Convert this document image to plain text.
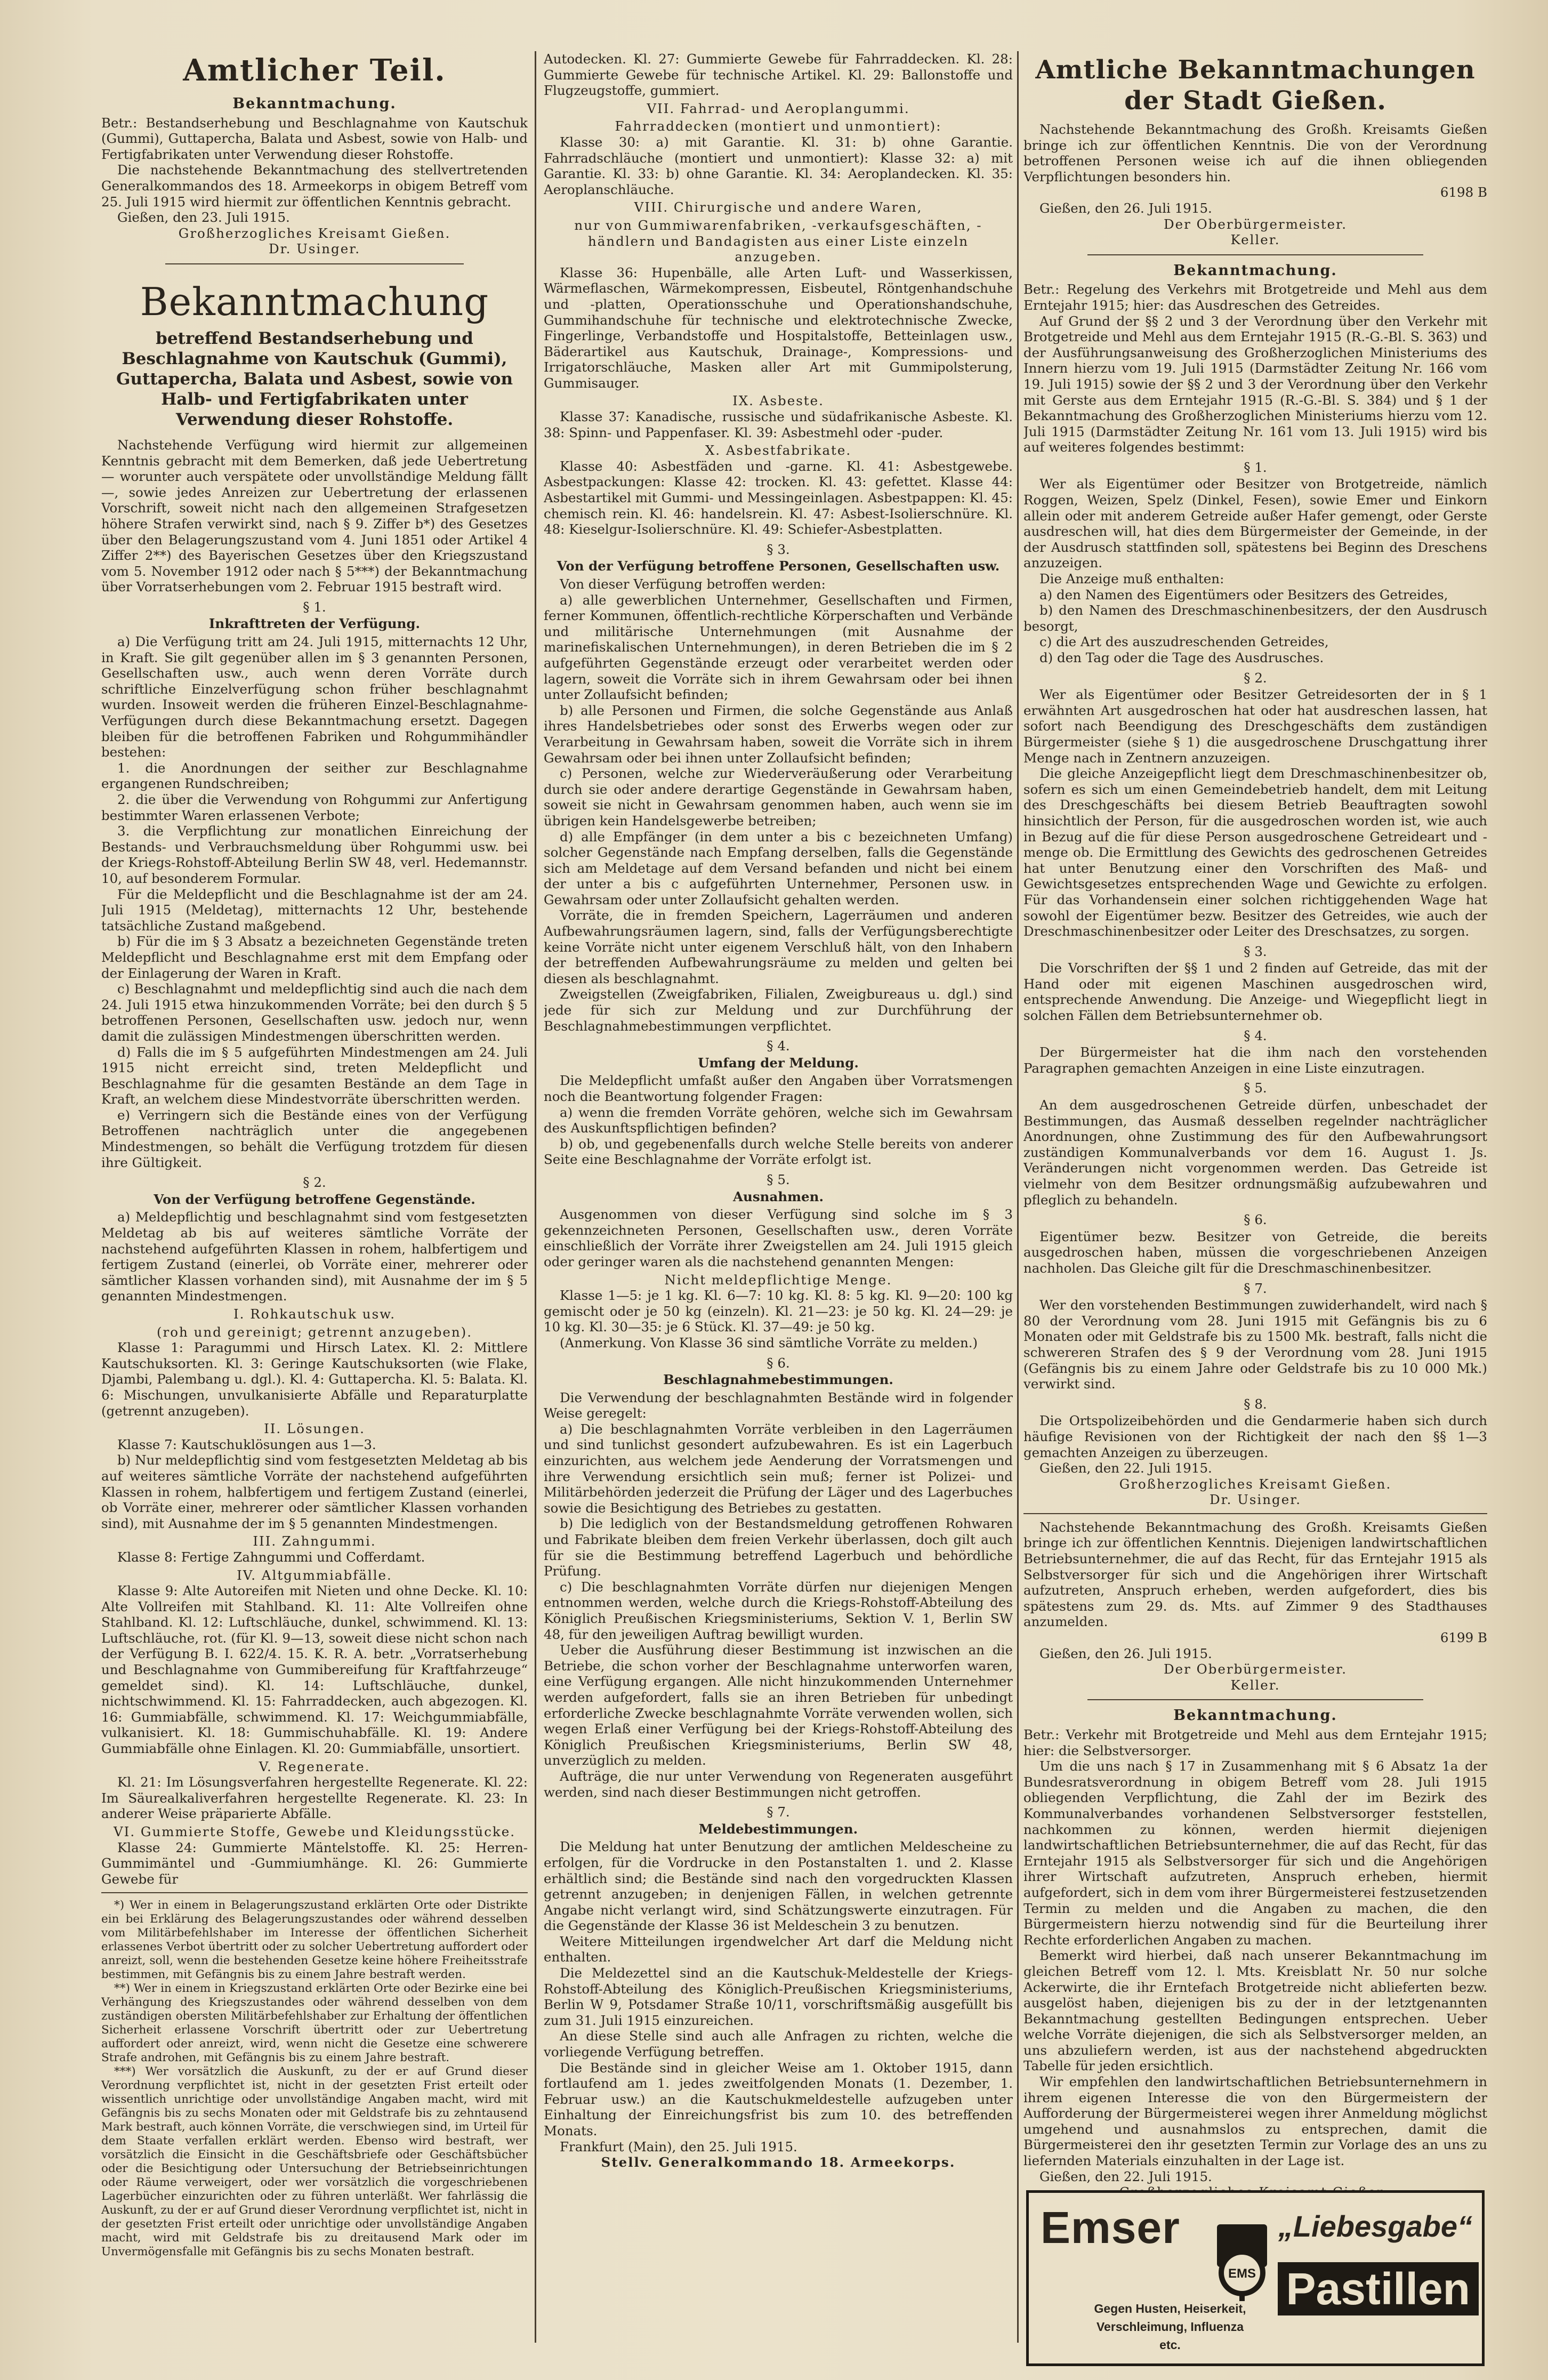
Amtlicher Teil.
Bekanntmachung.

Betr.: Bestandserhebung und Beschlagnahme von Kautschuk (Gummi), Guttapercha, Balata und Asbest, sowie von Halb- und Fertigfabrikaten unter Verwendung dieser Rohstoffe.

Die nachstehende Bekanntmachung des stellvertretenden Generalkommandos des 18. Armeekorps in obigem Betreff vom 25. Juli 1915 wird hiermit zur öffentlichen Kenntnis gebracht.

Gießen, den 23. Juli 1915.

Großherzogliches Kreisamt Gießen.
Dr. Usinger.
Bekanntmachung
betreffend Bestandserhebung und Beschlagnahme von Kautschuk (Gummi), Guttapercha, Balata und Asbest, sowie von Halb- und Fertigfabrikaten unter Verwendung dieser Rohstoffe.

Nachstehende Verfügung wird hiermit zur allgemeinen Kenntnis gebracht mit dem Bemerken, daß jede Uebertretung — worunter auch verspätete oder unvollständige Meldung fällt —, sowie jedes Anreizen zur Uebertretung der erlassenen Vorschrift, soweit nicht nach den allgemeinen Strafgesetzen höhere Strafen verwirkt sind, nach § 9. Ziffer b*) des Gesetzes über den Belagerungszustand vom 4. Juni 1851 oder Artikel 4 Ziffer 2**) des Bayerischen Gesetzes über den Kriegszustand vom 5. November 1912 oder nach § 5***) der Bekanntmachung über Vorratserhebungen vom 2. Februar 1915 bestraft wird.

§ 1.
Inkrafttreten der Verfügung.

a) Die Verfügung tritt am 24. Juli 1915, mitternachts 12 Uhr, in Kraft. Sie gilt gegenüber allen im § 3 genannten Personen, Gesellschaften usw., auch wenn deren Vorräte durch schriftliche Einzelverfügung schon früher beschlagnahmt wurden. Insoweit werden die früheren Einzel-Beschlagnahme-Verfügungen durch diese Bekanntmachung ersetzt. Dagegen bleiben für die betroffenen Fabriken und Rohgummihändler bestehen:

1. die Anordnungen der seither zur Beschlagnahme ergangenen Rundschreiben;

2. die über die Verwendung von Rohgummi zur Anfertigung bestimmter Waren erlassenen Verbote;

3. die Verpflichtung zur monatlichen Einreichung der Bestands- und Verbrauchsmeldung über Rohgummi usw. bei der Kriegs-Rohstoff-Abteilung Berlin SW 48, verl. Hedemannstr. 10, auf besonderem Formular.

Für die Meldepflicht und die Beschlagnahme ist der am 24. Juli 1915 (Meldetag), mitternachts 12 Uhr, bestehende tatsächliche Zustand maßgebend.

b) Für die im § 3 Absatz a bezeichneten Gegenstände treten Meldepflicht und Beschlagnahme erst mit dem Empfang oder der Einlagerung der Waren in Kraft.

c) Beschlagnahmt und meldepflichtig sind auch die nach dem 24. Juli 1915 etwa hinzukommenden Vorräte; bei den durch § 5 betroffenen Personen, Gesellschaften usw. jedoch nur, wenn damit die zulässigen Mindestmengen überschritten werden.

d) Falls die im § 5 aufgeführten Mindestmengen am 24. Juli 1915 nicht erreicht sind, treten Meldepflicht und Beschlagnahme für die gesamten Bestände an dem Tage in Kraft, an welchem diese Mindestvorräte überschritten werden.

e) Verringern sich die Bestände eines von der Verfügung Betroffenen nachträglich unter die angegebenen Mindestmengen, so behält die Verfügung trotzdem für diesen ihre Gültigkeit.

§ 2.
Von der Verfügung betroffene Gegenstände.

a) Meldepflichtig und beschlagnahmt sind vom festgesetzten Meldetag ab bis auf weiteres sämtliche Vorräte der nachstehend aufgeführten Klassen in rohem, halbfertigem und fertigem Zustand (einerlei, ob Vorräte einer, mehrerer oder sämtlicher Klassen vorhanden sind), mit Ausnahme der im § 5 genannten Mindestmengen.

I. Rohkautschuk usw.
(roh und gereinigt; getrennt anzugeben).

Klasse 1: Paragummi und Hirsch Latex. Kl. 2: Mittlere Kautschuksorten. Kl. 3: Geringe Kautschuksorten (wie Flake, Djambi, Palembang u. dgl.). Kl. 4: Guttapercha. Kl. 5: Balata. Kl. 6: Mischungen, unvulkanisierte Abfälle und Reparaturplatte (getrennt anzugeben).

II. Lösungen.

Klasse 7: Kautschuklösungen aus 1—3.

b) Nur meldepflichtig sind vom festgesetzten Meldetag ab bis auf weiteres sämtliche Vorräte der nachstehend aufgeführten Klassen in rohem, halbfertigem und fertigem Zustand (einerlei, ob Vorräte einer, mehrerer oder sämtlicher Klassen vorhanden sind), mit Ausnahme der im § 5 genannten Mindestmengen.

III. Zahngummi.

Klasse 8: Fertige Zahngummi und Cofferdamt.

IV. Altgummiabfälle.

Klasse 9: Alte Autoreifen mit Nieten und ohne Decke. Kl. 10: Alte Vollreifen mit Stahlband. Kl. 11: Alte Vollreifen ohne Stahlband. Kl. 12: Luftschläuche, dunkel, schwimmend. Kl. 13: Luftschläuche, rot. (für Kl. 9—13, soweit diese nicht schon nach der Verfügung B. I. 622/4. 15. K. R. A. betr. „Vorratserhebung und Beschlagnahme von Gummibereifung für Kraftfahrzeuge“ gemeldet sind). Kl. 14: Luftschläuche, dunkel, nichtschwimmend. Kl. 15: Fahrraddecken, auch abgezogen. Kl. 16: Gummiabfälle, schwimmend. Kl. 17: Weichgummiabfälle, vulkanisiert. Kl. 18: Gummischuhabfälle. Kl. 19: Andere Gummiabfälle ohne Einlagen. Kl. 20: Gummiabfälle, unsortiert.

V. Regenerate.

Kl. 21: Im Lösungsverfahren hergestellte Regenerate. Kl. 22: Im Säurealkaliverfahren hergestellte Regenerate. Kl. 23: In anderer Weise präparierte Abfälle.

VI. Gummierte Stoffe, Gewebe und Kleidungsstücke.

Klasse 24: Gummierte Mäntelstoffe. Kl. 25: Herren-Gummimäntel und -Gummiumhänge. Kl. 26: Gummierte Gewebe für

*) Wer in einem in Belagerungszustand erklärten Orte oder Distrikte ein bei Erklärung des Belagerungszustandes oder während desselben vom Militärbefehlshaber im Interesse der öffentlichen Sicherheit erlassenes Verbot übertritt oder zu solcher Uebertretung auffordert oder anreizt, soll, wenn die bestehenden Gesetze keine höhere Freiheitsstrafe bestimmen, mit Gefängnis bis zu einem Jahre bestraft werden.

**) Wer in einem in Kriegszustand erklärten Orte oder Bezirke eine bei Verhängung des Kriegszustandes oder während desselben von dem zuständigen obersten Militärbefehlshaber zur Erhaltung der öffentlichen Sicherheit erlassene Vorschrift übertritt oder zur Uebertretung auffordert oder anreizt, wird, wenn nicht die Gesetze eine schwerere Strafe androhen, mit Gefängnis bis zu einem Jahre bestraft.

***) Wer vorsätzlich die Auskunft, zu der er auf Grund dieser Verordnung verpflichtet ist, nicht in der gesetzten Frist erteilt oder wissentlich unrichtige oder unvollständige Angaben macht, wird mit Gefängnis bis zu sechs Monaten oder mit Geldstrafe bis zu zehntausend Mark bestraft, auch können Vorräte, die verschwiegen sind, im Urteil für dem Staate verfallen erklärt werden. Ebenso wird bestraft, wer vorsätzlich die Einsicht in die Geschäftsbriefe oder Geschäftsbücher oder die Besichtigung oder Untersuchung der Betriebseinrichtungen oder Räume verweigert, oder wer vorsätzlich die vorgeschriebenen Lagerbücher einzurichten oder zu führen unterläßt. Wer fahrlässig die Auskunft, zu der er auf Grund dieser Verordnung verpflichtet ist, nicht in der gesetzten Frist erteilt oder unrichtige oder unvollständige Angaben macht, wird mit Geldstrafe bis zu dreitausend Mark oder im Unvermögensfalle mit Gefängnis bis zu sechs Monaten bestraft.

Autodecken. Kl. 27: Gummierte Gewebe für Fahrraddecken. Kl. 28: Gummierte Gewebe für technische Artikel. Kl. 29: Ballonstoffe und Flugzeugstoffe, gummiert.

VII. Fahrrad- und Aeroplangummi.
Fahrraddecken (montiert und unmontiert):

Klasse 30: a) mit Garantie. Kl. 31: b) ohne Garantie. Fahrradschläuche (montiert und unmontiert): Klasse 32: a) mit Garantie. Kl. 33: b) ohne Garantie. Kl. 34: Aeroplandecken. Kl. 35: Aeroplanschläuche.

VIII. Chirurgische und andere Waren,
nur von Gummiwarenfabriken, -verkaufsgeschäften, -händlern und Bandagisten aus einer Liste einzeln anzugeben.

Klasse 36: Hupenbälle, alle Arten Luft- und Wasserkissen, Wärmeflaschen, Wärmekompressen, Eisbeutel, Röntgenhandschuhe und -platten, Operationsschuhe und Operationshandschuhe, Gummihandschuhe für technische und elektrotechnische Zwecke, Fingerlinge, Verbandstoffe und Hospitalstoffe, Betteinlagen usw., Bäderartikel aus Kautschuk, Drainage-, Kompressions- und Irrigatorschläuche, Masken aller Art mit Gummipolsterung, Gummisauger.

IX. Asbeste.

Klasse 37: Kanadische, russische und südafrikanische Asbeste. Kl. 38: Spinn- und Pappenfaser. Kl. 39: Asbestmehl oder -puder.

X. Asbestfabrikate.

Klasse 40: Asbestfäden und -garne. Kl. 41: Asbestgewebe. Asbestpackungen: Klasse 42: trocken. Kl. 43: gefettet. Klasse 44: Asbestartikel mit Gummi- und Messingeinlagen. Asbestpappen: Kl. 45: chemisch rein. Kl. 46: handelsrein. Kl. 47: Asbest-Isolierschnüre. Kl. 48: Kieselgur-Isolierschnüre. Kl. 49: Schiefer-Asbestplatten.

§ 3.
Von der Verfügung betroffene Personen, Gesellschaften usw.

Von dieser Verfügung betroffen werden:

a) alle gewerblichen Unternehmer, Gesellschaften und Firmen, ferner Kommunen, öffentlich-rechtliche Körperschaften und Verbände und militärische Unternehmungen (mit Ausnahme der marinefiskalischen Unternehmungen), in deren Betrieben die im § 2 aufgeführten Gegenstände erzeugt oder verarbeitet werden oder lagern, soweit die Vorräte sich in ihrem Gewahrsam oder bei ihnen unter Zollaufsicht befinden;

b) alle Personen und Firmen, die solche Gegenstände aus Anlaß ihres Handelsbetriebes oder sonst des Erwerbs wegen oder zur Verarbeitung in Gewahrsam haben, soweit die Vorräte sich in ihrem Gewahrsam oder bei ihnen unter Zollaufsicht befinden;

c) Personen, welche zur Wiederveräußerung oder Verarbeitung durch sie oder andere derartige Gegenstände in Gewahrsam haben, soweit sie nicht in Gewahrsam genommen haben, auch wenn sie im übrigen kein Handelsgewerbe betreiben;

d) alle Empfänger (in dem unter a bis c bezeichneten Umfang) solcher Gegenstände nach Empfang derselben, falls die Gegenstände sich am Meldetage auf dem Versand befanden und nicht bei einem der unter a bis c aufgeführten Unternehmer, Personen usw. in Gewahrsam oder unter Zollaufsicht gehalten werden.

Vorräte, die in fremden Speichern, Lagerräumen und anderen Aufbewahrungsräumen lagern, sind, falls der Verfügungsberechtigte keine Vorräte nicht unter eigenem Verschluß hält, von den Inhabern der betreffenden Aufbewahrungsräume zu melden und gelten bei diesen als beschlagnahmt.

Zweigstellen (Zweigfabriken, Filialen, Zweigbureaus u. dgl.) sind jede für sich zur Meldung und zur Durchführung der Beschlagnahmebestimmungen verpflichtet.

§ 4.
Umfang der Meldung.

Die Meldepflicht umfaßt außer den Angaben über Vorratsmengen noch die Beantwortung folgender Fragen:

a) wenn die fremden Vorräte gehören, welche sich im Gewahrsam des Auskunftspflichtigen befinden?

b) ob, und gegebenenfalls durch welche Stelle bereits von anderer Seite eine Beschlagnahme der Vorräte erfolgt ist.

§ 5.
Ausnahmen.

Ausgenommen von dieser Verfügung sind solche im § 3 gekennzeichneten Personen, Gesellschaften usw., deren Vorräte einschließlich der Vorräte ihrer Zweigstellen am 24. Juli 1915 gleich oder geringer waren als die nachstehend genannten Mengen:

Nicht meldepflichtige Menge.

Klasse 1—5: je 1 kg. Kl. 6—7: 10 kg. Kl. 8: 5 kg. Kl. 9—20: 100 kg gemischt oder je 50 kg (einzeln). Kl. 21—23: je 50 kg. Kl. 24—29: je 10 kg. Kl. 30—35: je 6 Stück. Kl. 37—49: je 50 kg.

(Anmerkung. Von Klasse 36 sind sämtliche Vorräte zu melden.)

§ 6.
Beschlagnahmebestimmungen.

Die Verwendung der beschlagnahmten Bestände wird in folgender Weise geregelt:

a) Die beschlagnahmten Vorräte verbleiben in den Lagerräumen und sind tunlichst gesondert aufzubewahren. Es ist ein Lagerbuch einzurichten, aus welchem jede Aenderung der Vorratsmengen und ihre Verwendung ersichtlich sein muß; ferner ist Polizei- und Militärbehörden jederzeit die Prüfung der Läger und des Lagerbuches sowie die Besichtigung des Betriebes zu gestatten.

b) Die lediglich von der Bestandsmeldung getroffenen Rohwaren und Fabrikate bleiben dem freien Verkehr überlassen, doch gilt auch für sie die Bestimmung betreffend Lagerbuch und behördliche Prüfung.

c) Die beschlagnahmten Vorräte dürfen nur diejenigen Mengen entnommen werden, welche durch die Kriegs-Rohstoff-Abteilung des Königlich Preußischen Kriegsministeriums, Sektion V. 1, Berlin SW 48, für den jeweiligen Auftrag bewilligt wurden.

Ueber die Ausführung dieser Bestimmung ist inzwischen an die Betriebe, die schon vorher der Beschlagnahme unterworfen waren, eine Verfügung ergangen. Alle nicht hinzukommenden Unternehmer werden aufgefordert, falls sie an ihren Betrieben für unbedingt erforderliche Zwecke beschlagnahmte Vorräte verwenden wollen, sich wegen Erlaß einer Verfügung bei der Kriegs-Rohstoff-Abteilung des Königlich Preußischen Kriegsministeriums, Berlin SW 48, unverzüglich zu melden.

Aufträge, die nur unter Verwendung von Regeneraten ausgeführt werden, sind nach dieser Bestimmungen nicht getroffen.

§ 7.
Meldebestimmungen.

Die Meldung hat unter Benutzung der amtlichen Meldescheine zu erfolgen, für die Vordrucke in den Postanstalten 1. und 2. Klasse erhältlich sind; die Bestände sind nach den vorgedruckten Klassen getrennt anzugeben; in denjenigen Fällen, in welchen getrennte Angabe nicht verlangt wird, sind Schätzungswerte einzutragen. Für die Gegenstände der Klasse 36 ist Meldeschein 3 zu benutzen.

Weitere Mitteilungen irgendwelcher Art darf die Meldung nicht enthalten.

Die Meldezettel sind an die Kautschuk-Meldestelle der Kriegs-Rohstoff-Abteilung des Königlich-Preußischen Kriegsministeriums, Berlin W 9, Potsdamer Straße 10/11, vorschriftsmäßig ausgefüllt bis zum 31. Juli 1915 einzureichen.

An diese Stelle sind auch alle Anfragen zu richten, welche die vorliegende Verfügung betreffen.

Die Bestände sind in gleicher Weise am 1. Oktober 1915, dann fortlaufend am 1. jedes zweitfolgenden Monats (1. Dezember, 1. Februar usw.) an die Kautschukmeldestelle aufzugeben unter Einhaltung der Einreichungsfrist bis zum 10. des betreffenden Monats.

Frankfurt (Main), den 25. Juli 1915.

Stellv. Generalkommando 18. Armeekorps.
Amtliche Bekanntmachungen der Stadt Gießen.

Nachstehende Bekanntmachung des Großh. Kreisamts Gießen bringe ich zur öffentlichen Kenntnis. Die von der Verordnung betroffenen Personen weise ich auf die ihnen obliegenden Verpflichtungen besonders hin.

6198 B

Gießen, den 26. Juli 1915.

Der Oberbürgermeister.
Keller.
Bekanntmachung.

Betr.: Regelung des Verkehrs mit Brotgetreide und Mehl aus dem Erntejahr 1915; hier: das Ausdreschen des Getreides.

Auf Grund der §§ 2 und 3 der Verordnung über den Verkehr mit Brotgetreide und Mehl aus dem Erntejahr 1915 (R.-G.-Bl. S. 363) und der Ausführungsanweisung des Großherzoglichen Ministeriums des Innern hierzu vom 19. Juli 1915 (Darmstädter Zeitung Nr. 166 vom 19. Juli 1915) sowie der §§ 2 und 3 der Verordnung über den Verkehr mit Gerste aus dem Erntejahr 1915 (R.-G.-Bl. S. 384) und § 1 der Bekanntmachung des Großherzoglichen Ministeriums hierzu vom 12. Juli 1915 (Darmstädter Zeitung Nr. 161 vom 13. Juli 1915) wird bis auf weiteres folgendes bestimmt:

§ 1.

Wer als Eigentümer oder Besitzer von Brotgetreide, nämlich Roggen, Weizen, Spelz (Dinkel, Fesen), sowie Emer und Einkorn allein oder mit anderem Getreide außer Hafer gemengt, oder Gerste ausdreschen will, hat dies dem Bürgermeister der Gemeinde, in der der Ausdrusch stattfinden soll, spätestens bei Beginn des Dreschens anzuzeigen.

Die Anzeige muß enthalten:

a) den Namen des Eigentümers oder Besitzers des Getreides,

b) den Namen des Dreschmaschinenbesitzers, der den Ausdrusch besorgt,

c) die Art des auszudreschenden Getreides,

d) den Tag oder die Tage des Ausdrusches.

§ 2.

Wer als Eigentümer oder Besitzer Getreidesorten der in § 1 erwähnten Art ausgedroschen hat oder hat ausdreschen lassen, hat sofort nach Beendigung des Dreschgeschäfts dem zuständigen Bürgermeister (siehe § 1) die ausgedroschene Druschgattung ihrer Menge nach in Zentnern anzuzeigen.

Die gleiche Anzeigepflicht liegt dem Dreschmaschinenbesitzer ob, sofern es sich um einen Gemeindebetrieb handelt, dem mit Leitung des Dreschgeschäfts bei diesem Betrieb Beauftragten sowohl hinsichtlich der Person, für die ausgedroschen worden ist, wie auch in Bezug auf die für diese Person ausgedroschene Getreideart und -menge ob. Die Ermittlung des Gewichts des gedroschenen Getreides hat unter Benutzung einer den Vorschriften des Maß- und Gewichtsgesetzes entsprechenden Wage und Gewichte zu erfolgen. Für das Vorhandensein einer solchen richtiggehenden Wage hat sowohl der Eigentümer bezw. Besitzer des Getreides, wie auch der Dreschmaschinenbesitzer oder Leiter des Dreschsatzes, zu sorgen.

§ 3.

Die Vorschriften der §§ 1 und 2 finden auf Getreide, das mit der Hand oder mit eigenen Maschinen ausgedroschen wird, entsprechende Anwendung. Die Anzeige- und Wiegepflicht liegt in solchen Fällen dem Betriebsunternehmer ob.

§ 4.

Der Bürgermeister hat die ihm nach den vorstehenden Paragraphen gemachten Anzeigen in eine Liste einzutragen.

§ 5.

An dem ausgedroschenen Getreide dürfen, unbeschadet der Bestimmungen, das Ausmaß desselben regelnder nachträglicher Anordnungen, ohne Zustimmung des für den Aufbewahrungsort zuständigen Kommunalverbands vor dem 16. August 1. Js. Veränderungen nicht vorgenommen werden. Das Getreide ist vielmehr von dem Besitzer ordnungsmäßig aufzubewahren und pfleglich zu behandeln.

§ 6.

Eigentümer bezw. Besitzer von Getreide, die bereits ausgedroschen haben, müssen die vorgeschriebenen Anzeigen nachholen. Das Gleiche gilt für die Dreschmaschinenbesitzer.

§ 7.

Wer den vorstehenden Bestimmungen zuwiderhandelt, wird nach § 80 der Verordnung vom 28. Juni 1915 mit Gefängnis bis zu 6 Monaten oder mit Geldstrafe bis zu 1500 Mk. bestraft, falls nicht die schwereren Strafen des § 9 der Verordnung vom 28. Juni 1915 (Gefängnis bis zu einem Jahre oder Geldstrafe bis zu 10 000 Mk.) verwirkt sind.

§ 8.

Die Ortspolizeibehörden und die Gendarmerie haben sich durch häufige Revisionen von der Richtigkeit der nach den §§ 1—3 gemachten Anzeigen zu überzeugen.

Gießen, den 22. Juli 1915.

Großherzogliches Kreisamt Gießen.
Dr. Usinger.

Nachstehende Bekanntmachung des Großh. Kreisamts Gießen bringe ich zur öffentlichen Kenntnis. Diejenigen landwirtschaftlichen Betriebsunternehmer, die auf das Recht, für das Erntejahr 1915 als Selbstversorger für sich und die Angehörigen ihrer Wirtschaft aufzutreten, Anspruch erheben, werden aufgefordert, dies bis spätestens zum 29. ds. Mts. auf Zimmer 9 des Stadthauses anzumelden.

6199 B

Gießen, den 26. Juli 1915.

Der Oberbürgermeister.
Keller.
Bekanntmachung.

Betr.: Verkehr mit Brotgetreide und Mehl aus dem Erntejahr 1915; hier: die Selbstversorger.

Um die uns nach § 17 in Zusammenhang mit § 6 Absatz 1a der Bundesratsverordnung in obigem Betreff vom 28. Juli 1915 obliegenden Verpflichtung, die Zahl der im Bezirk des Kommunalverbandes vorhandenen Selbstversorger feststellen, nachkommen zu können, werden hiermit diejenigen landwirtschaftlichen Betriebsunternehmer, die auf das Recht, für das Erntejahr 1915 als Selbstversorger für sich und die Angehörigen ihrer Wirtschaft aufzutreten, Anspruch erheben, hiermit aufgefordert, sich in dem vom ihrer Bürgermeisterei festzusetzenden Termin zu melden und die Angaben zu machen, die den Bürgermeistern hierzu notwendig sind für die Beurteilung ihrer Rechte erforderlichen Angaben zu machen.

Bemerkt wird hierbei, daß nach unserer Bekanntmachung im gleichen Betreff vom 12. l. Mts. Kreisblatt Nr. 50 nur solche Ackerwirte, die ihr Erntefach Brotgetreide nicht ablieferten bezw. ausgelöst haben, diejenigen bis zu der in der letztgenannten Bekanntmachung gestellten Bedingungen entsprechen. Ueber welche Vorräte diejenigen, die sich als Selbstversorger melden, an uns abzuliefern werden, ist aus der nachstehend abgedruckten Tabelle für jeden ersichtlich.

Wir empfehlen den landwirtschaftlichen Betriebsunternehmern in ihrem eigenen Interesse die von den Bürgermeistern der Aufforderung der Bürgermeisterei wegen ihrer Anmeldung möglichst umgehend und ausnahmslos zu entsprechen, damit die Bürgermeisterei den ihr gesetzten Termin zur Vorlage des an uns zu liefernden Materials einzuhalten in der Lage ist.

Gießen, den 22. Juli 1915.

Emser
EMS
„Liebesgabe“
Pastillen
Gegen Husten, Heiserkeit,
Verschleimung, Influenza
etc.
